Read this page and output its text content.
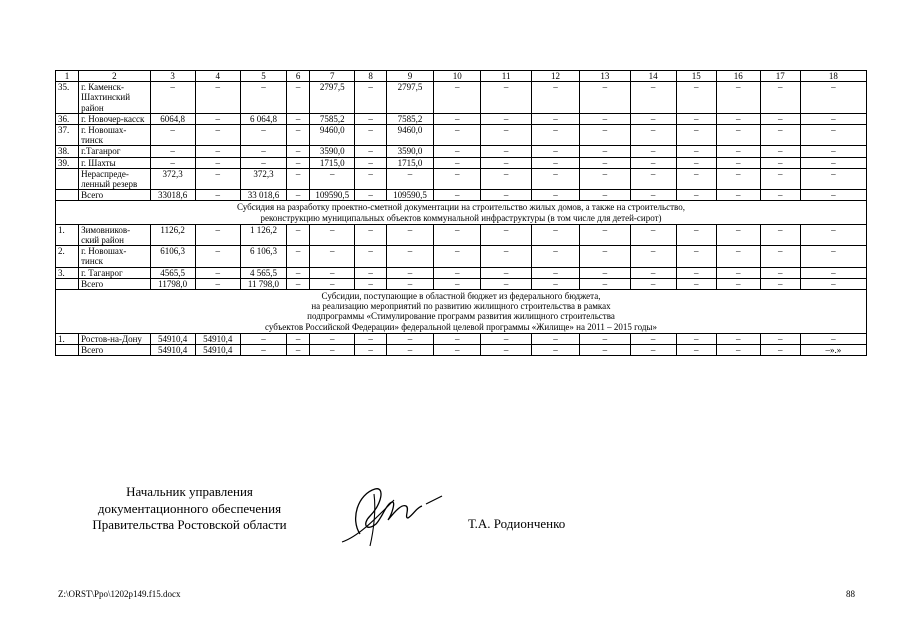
1	2	3	4	5	6	7	8	9	10	11	12	13	14	15	16	17	18
35.	г. Каменск-Шахтинский район	–	–	–	–	2797,5	–	2797,5	–	–	–	–	–	–	–	–	–
36.	г. Новочер-касск	6064,8	–	6 064,8	–	7585,2	–	7585,2	–	–	–	–	–	–	–	–	–
37.	г. Новошах-тинск	–	–	–	–	9460,0	–	9460,0	–	–	–	–	–	–	–	–	–
38.	г.Таганрог	–	–	–	–	3590,0	–	3590,0	–	–	–	–	–	–	–	–	–
39.	г. Шахты	–	–	–	–	1715,0	–	1715,0	–	–	–	–	–	–	–	–	–
	Нераспреде-ленный резерв	372,3	–	372,3	–	–	–	–	–	–	–	–	–	–	–	–	–
	Всего	33018,6	–	33 018,6	–	109590,5	–	109590,5	–	–	–	–	–	–	–	–	–

Субсидия на разработку проектно-сметной документации на строительство жилых домов, а также на строительство,
реконструкцию муниципальных объектов коммунальной инфраструктуры (в том числе для детей-сирот)																	

1.	Зимовников-ский район	1126,2	–	1 126,2	–	–	–	–	–	–	–	–	–	–	–	–	–
2.	г. Новошах-тинск	6106,3	–	6 106,3	–	–	–	–	–	–	–	–	–	–	–	–	–
3.	г. Таганрог	4565,5	–	4 565,5	–	–	–	–	–	–	–	–	–	–	–	–	–
	Всего	11798,0	–	11 798,0	–	–	–	–	–	–	–	–	–	–	–	–	–

Субсидии, поступающие в областной бюджет из федерального бюджета,
на реализацию мероприятий по развитию жилищного строительства в рамках
подпрограммы «Стимулирование программ развития жилищного строительства
субъектов Российской Федерации» федеральной целевой программы «Жилище» на 2011 – 2015 годы»																	

1.	Ростов-на-Дону	54910,4	54910,4	–	–	–	–	–	–	–	–	–	–	–	–	–	–
	Всего	54910,4	54910,4	–	–	–	–	–	–	–	–	–	–	–	–	–	–».»
Начальник управления
документационного обеспечения
Правительства Ростовской области	Т.А. Родионченко
Z:\ORST\Ppo\1202p149.f15.docx	88
